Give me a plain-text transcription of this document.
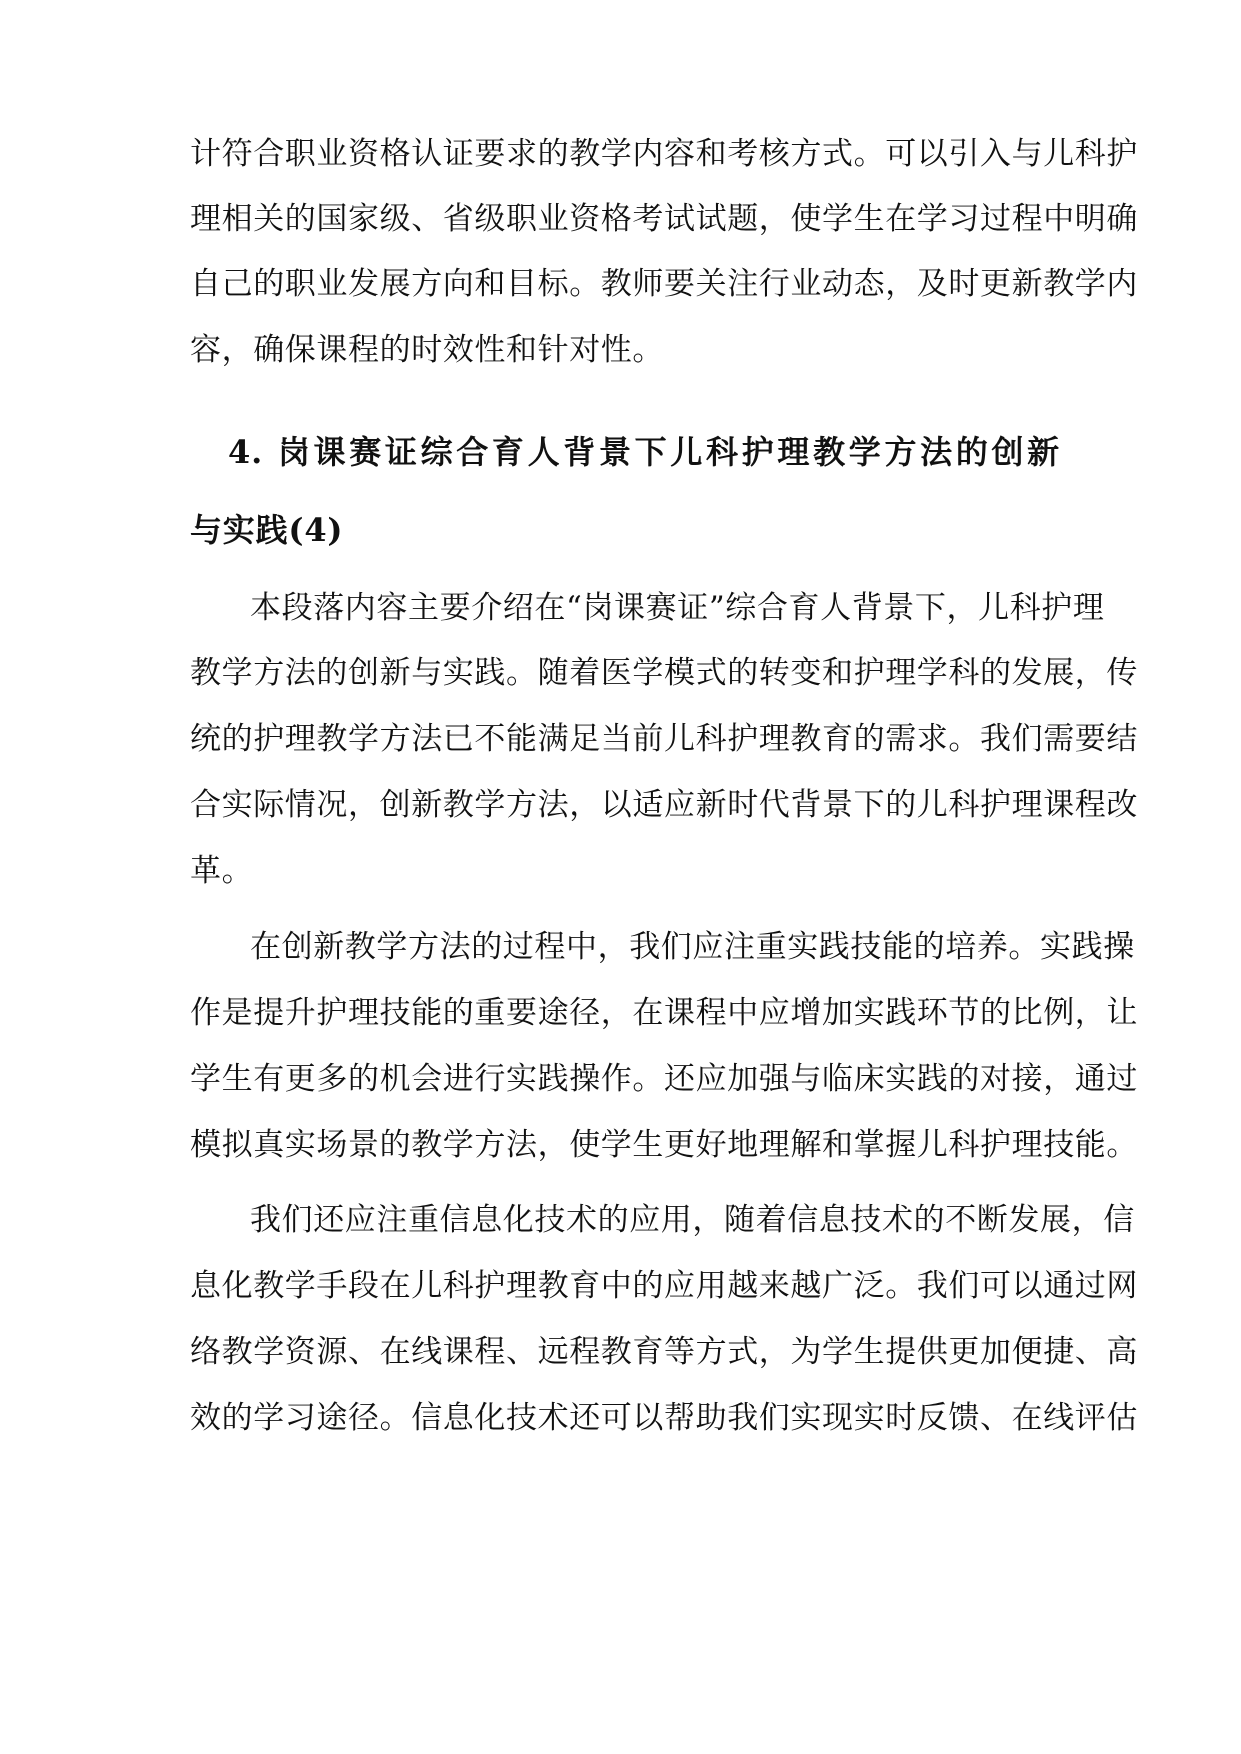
计符合职业资格认证要求的教学内容和考核方式。可以引入与儿科护
理相关的国家级、省级职业资格考试试题，使学生在学习过程中明确
自己的职业发展方向和目标。教师要关注行业动态，及时更新教学内
容，确保课程的时效性和针对性。
4. 岗课赛证综合育人背景下儿科护理教学方法的创新
与实践(4)
本段落内容主要介绍在“岗课赛证”综合育人背景下，儿科护理
教学方法的创新与实践。随着医学模式的转变和护理学科的发展，传
统的护理教学方法已不能满足当前儿科护理教育的需求。我们需要结
合实际情况，创新教学方法，以适应新时代背景下的儿科护理课程改
革。
在创新教学方法的过程中，我们应注重实践技能的培养。实践操
作是提升护理技能的重要途径，在课程中应增加实践环节的比例，让
学生有更多的机会进行实践操作。还应加强与临床实践的对接，通过
模拟真实场景的教学方法，使学生更好地理解和掌握儿科护理技能。
我们还应注重信息化技术的应用，随着信息技术的不断发展，信
息化教学手段在儿科护理教育中的应用越来越广泛。我们可以通过网
络教学资源、在线课程、远程教育等方式，为学生提供更加便捷、高
效的学习途径。信息化技术还可以帮助我们实现实时反馈、在线评估
